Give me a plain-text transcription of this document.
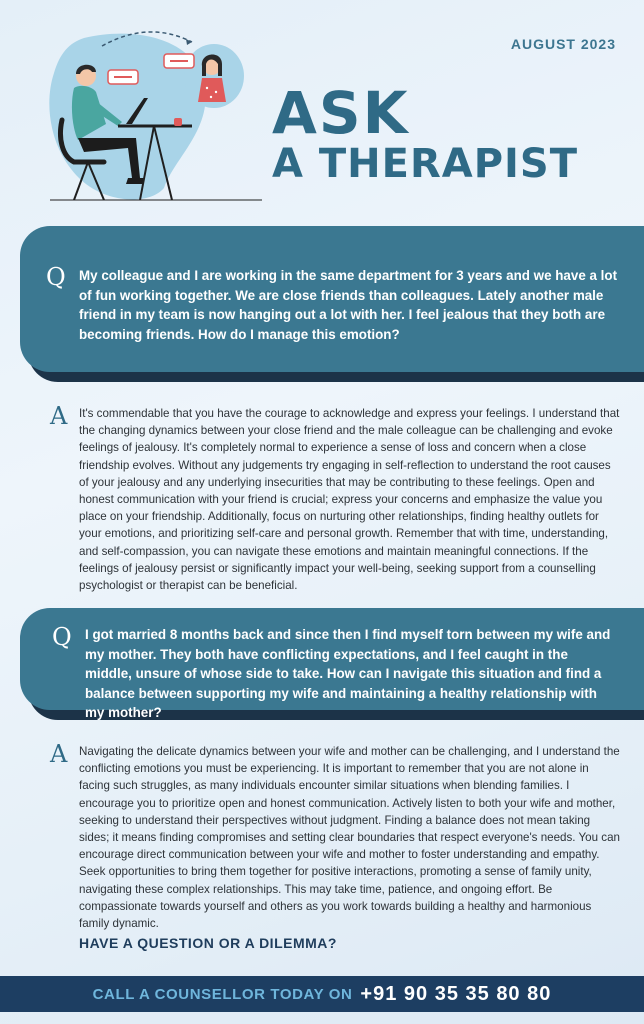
AUGUST 2023
ASK
A THERAPIST
Q My colleague and I are working in the same department for 3 years and we have a lot of fun working together. We are close friends than colleagues. Lately another male friend in my team is now hanging out a lot with her. I feel jealous that they both are becoming friends. How do I manage this emotion?

A It's commendable that you have the courage to acknowledge and express your feelings. I understand that the changing dynamics between your close friend and the male colleague can be challenging and evoke feelings of jealousy. It's completely normal to experience a sense of loss and concern when a close friendship evolves. Without any judgements try engaging in self-reflection to understand the root causes of your jealousy and any underlying insecurities that may be contributing to these feelings. Open and honest communication with your friend is crucial; express your concerns and emphasize the value you place on your friendship. Additionally, focus on nurturing other relationships, finding healthy outlets for your emotions, and prioritizing self-care and personal growth. Remember that with time, understanding, and self-compassion, you can navigate these emotions and maintain meaningful connections. If the feelings of jealousy persist or significantly impact your well-being, seeking support from a counselling psychologist or therapist can be beneficial.

Q I got married 8 months back and since then I find myself torn between my wife and my mother. They both have conflicting expectations, and I feel caught in the middle, unsure of whose side to take. How can I navigate this situation and find a balance between supporting my wife and maintaining a healthy relationship with my mother?

A Navigating the delicate dynamics between your wife and mother can be challenging, and I understand the conflicting emotions you must be experiencing. It is important to remember that you are not alone in facing such struggles, as many individuals encounter similar situations when blending families. I encourage you to prioritize open and honest communication. Actively listen to both your wife and mother, seeking to understand their perspectives without judgment. Finding a balance does not mean taking sides; it means finding compromises and setting clear boundaries that respect everyone's needs. You can encourage direct communication between your wife and mother to foster understanding and empathy. Seek opportunities to bring them together for positive interactions, promoting a sense of family unity, navigating these complex relationships. This may take time, patience, and ongoing effort. Be compassionate towards yourself and others as you work towards building a healthy and harmonious family dynamic.

HAVE A QUESTION OR A DILEMMA?
CALL A COUNSELLOR TODAY ON +91 90 35 35 80 80
